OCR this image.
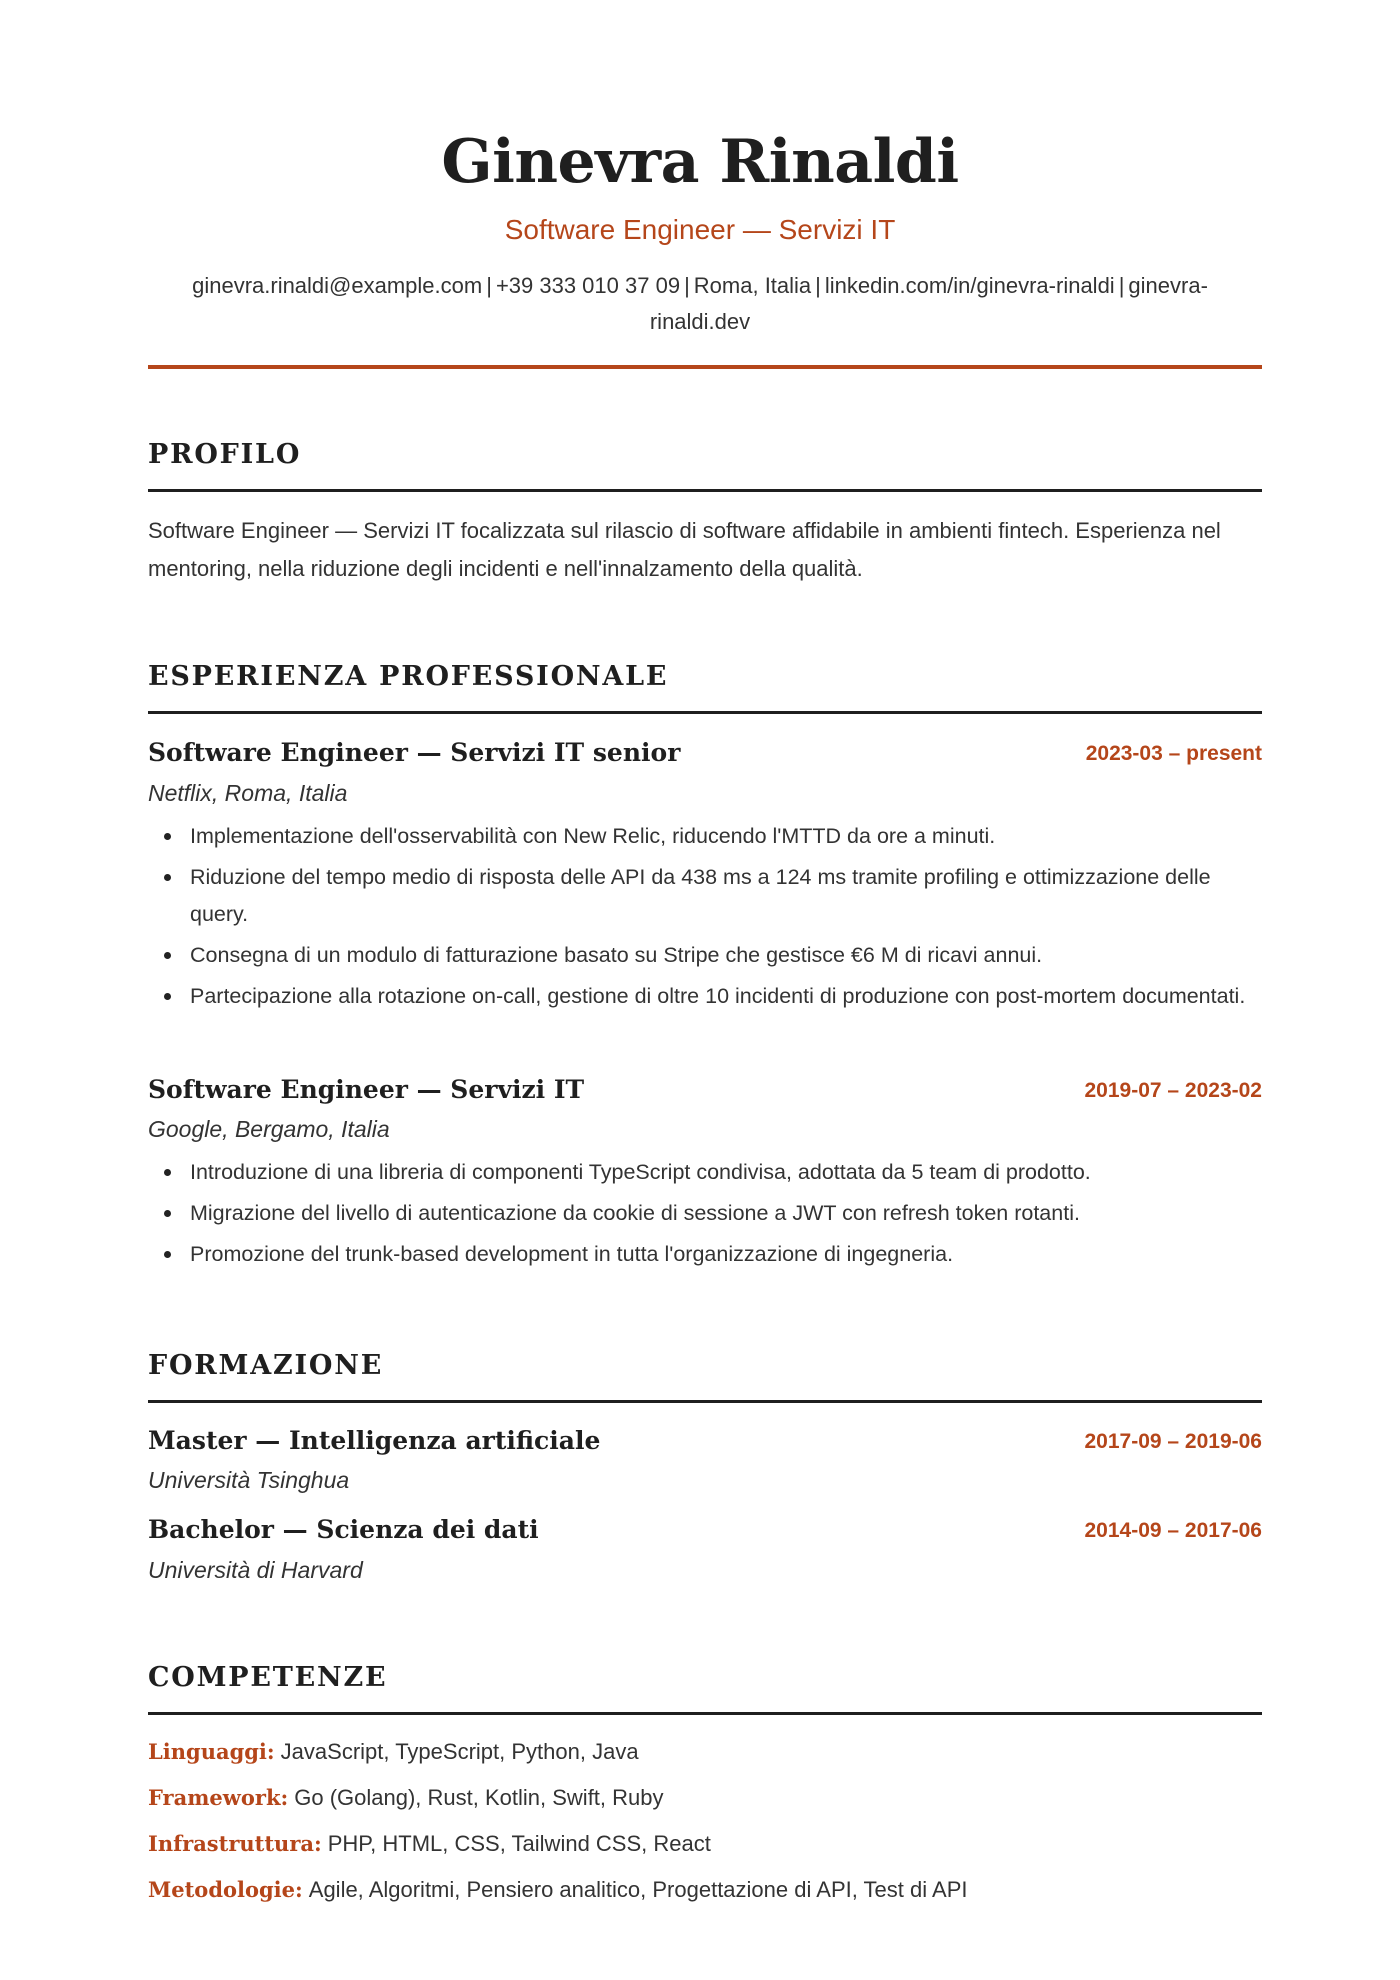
Ginevra Rinaldi
Software Engineer — Servizi IT
ginevra.rinaldi@example.com | +39 333 010 37 09 | Roma, Italia | linkedin.com/in/ginevra-rinaldi | ginevra-rinaldi.dev
PROFILO
Software Engineer — Servizi IT focalizzata sul rilascio di software affidabile in ambienti fintech. Esperienza nel mentoring, nella riduzione degli incidenti e nell'innalzamento della qualità.
ESPERIENZA PROFESSIONALE
Software Engineer — Servizi IT senior	2023-03 – present
Netflix, Roma, Italia
Implementazione dell'osservabilità con New Relic, riducendo l'MTTD da ore a minuti.
Riduzione del tempo medio di risposta delle API da 438 ms a 124 ms tramite profiling e ottimizzazione delle query.
Consegna di un modulo di fatturazione basato su Stripe che gestisce €6 M di ricavi annui.
Partecipazione alla rotazione on-call, gestione di oltre 10 incidenti di produzione con post-mortem documentati.
Software Engineer — Servizi IT	2019-07 – 2023-02
Google, Bergamo, Italia
Introduzione di una libreria di componenti TypeScript condivisa, adottata da 5 team di prodotto.
Migrazione del livello di autenticazione da cookie di sessione a JWT con refresh token rotanti.
Promozione del trunk-based development in tutta l'organizzazione di ingegneria.
FORMAZIONE
Master — Intelligenza artificiale	2017-09 – 2019-06
Università Tsinghua
Bachelor — Scienza dei dati	2014-09 – 2017-06
Università di Harvard
COMPETENZE
Linguaggi: JavaScript, TypeScript, Python, Java
Framework: Go (Golang), Rust, Kotlin, Swift, Ruby
Infrastruttura: PHP, HTML, CSS, Tailwind CSS, React
Metodologie: Agile, Algoritmi, Pensiero analitico, Progettazione di API, Test di API
